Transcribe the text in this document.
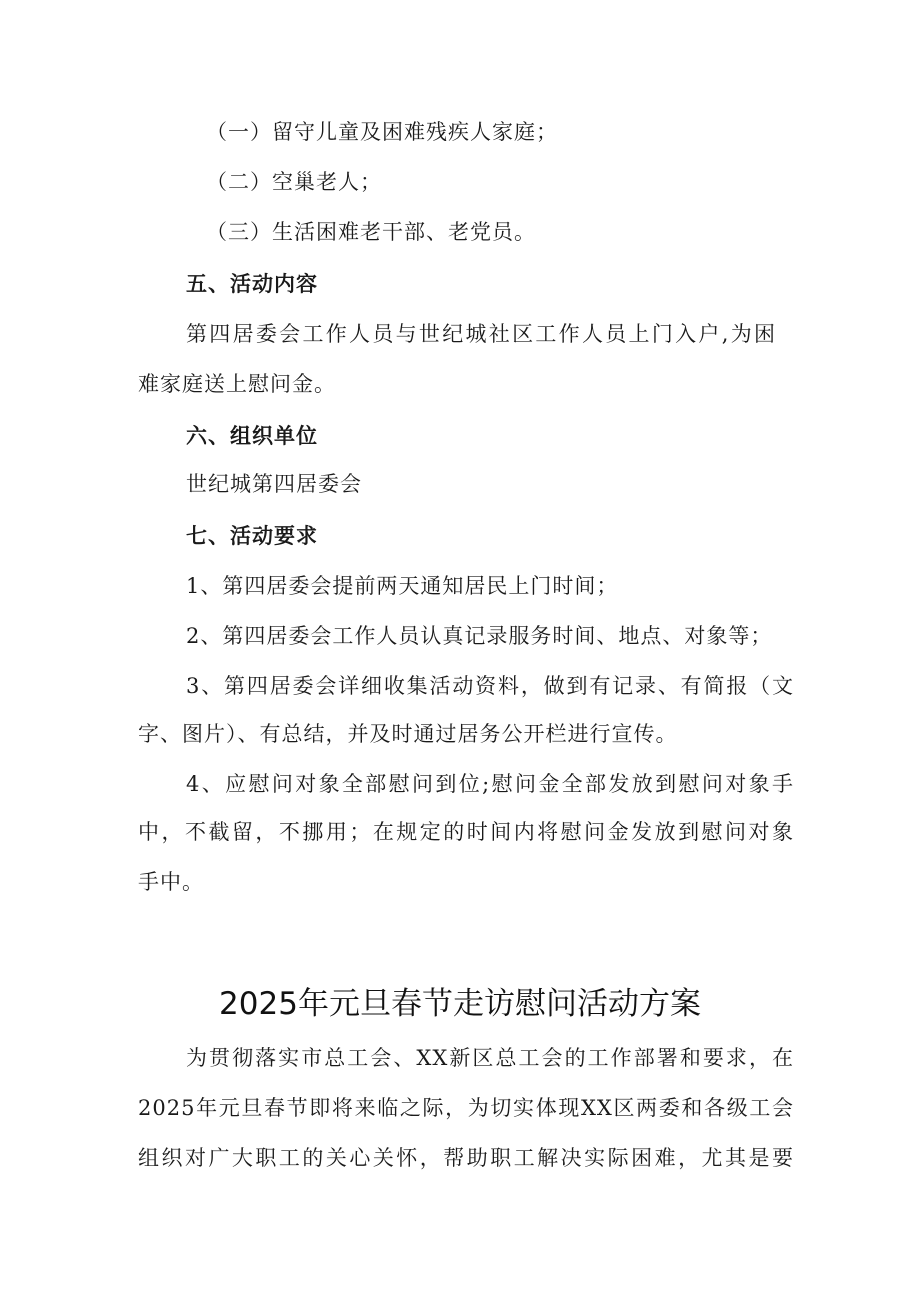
（一）留守儿童及困难残疾人家庭；
（二）空巢老人；
（三）生活困难老干部、老党员。
五、活动内容
第四居委会工作人员与世纪城社区工作人员上门入户,为困
难家庭送上慰问金。
六、组织单位
世纪城第四居委会
七、活动要求
1、第四居委会提前两天通知居民上门时间；
2、第四居委会工作人员认真记录服务时间、地点、对象等；
3、第四居委会详细收集活动资料，做到有记录、有简报（文
字、图片）、有总结，并及时通过居务公开栏进行宣传。
4、应慰问对象全部慰问到位;慰问金全部发放到慰问对象手
中，不截留，不挪用；在规定的时间内将慰问金发放到慰问对象
手中。
2025年元旦春节走访慰问活动方案
为贯彻落实市总工会、XX新区总工会的工作部署和要求，在
2025年元旦春节即将来临之际，为切实体现XX区两委和各级工会
组织对广大职工的关心关怀，帮助职工解决实际困难，尤其是要
